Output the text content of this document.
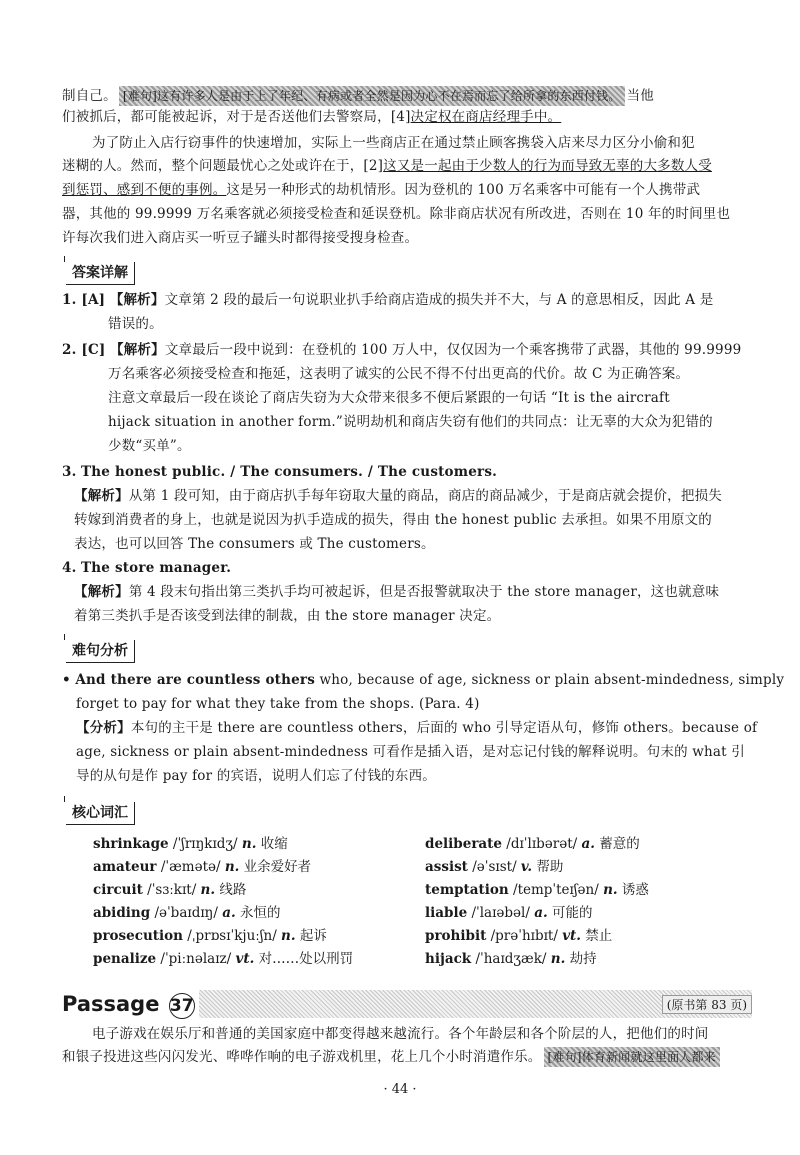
制自己。 [难句]这有许多人是由于上了年纪、有病或者全然是因为心不在焉而忘了给所拿的东西付钱。 当他
们被抓后，都可能被起诉，对于是否送他们去警察局，[4]决定权在商店经理手中。
为了防止入店行窃事件的快速增加，实际上一些商店正在通过禁止顾客携袋入店来尽力区分小偷和犯
迷糊的人。然而，整个问题最忧心之处或许在于，[2]这又是一起由于少数人的行为而导致无辜的大多数人受
到惩罚、感到不便的事例。这是另一种形式的劫机情形。因为登机的 100 万名乘客中可能有一个人携带武
器，其他的 99.9999 万名乘客就必须接受检查和延误登机。除非商店状况有所改进，否则在 10 年的时间里也
许每次我们进入商店买一听豆子罐头时都得接受搜身检查。
答案详解
1. [A] 【解析】文章第 2 段的最后一句说职业扒手给商店造成的损失并不大，与 A 的意思相反，因此 A 是
错误的。
2. [C] 【解析】文章最后一段中说到：在登机的 100 万人中，仅仅因为一个乘客携带了武器，其他的 99.9999
万名乘客必须接受检查和拖延，这表明了诚实的公民不得不付出更高的代价。故 C 为正确答案。
注意文章最后一段在谈论了商店失窃为大众带来很多不便后紧跟的一句话 “It is the aircraft
hijack situation in another form.”说明劫机和商店失窃有他们的共同点：让无辜的大众为犯错的
少数“买单”。
3. The honest public. / The consumers. / The customers.
【解析】从第 1 段可知，由于商店扒手每年窃取大量的商品，商店的商品减少，于是商店就会提价，把损失
转嫁到消费者的身上，也就是说因为扒手造成的损失，得由 the honest public 去承担。如果不用原文的
表达，也可以回答 The consumers 或 The customers。
4. The store manager.
【解析】第 4 段末句指出第三类扒手均可被起诉，但是否报警就取决于 the store manager，这也就意味
着第三类扒手是否该受到法律的制裁，由 the store manager 决定。
难句分析
• And there are countless others who, because of age, sickness or plain absent-mindedness, simply
forget to pay for what they take from the shops. (Para. 4)
【分析】本句的主干是 there are countless others，后面的 who 引导定语从句，修饰 others。because of
age, sickness or plain absent-mindedness 可看作是插入语，是对忘记付钱的解释说明。句末的 what 引
导的从句是作 pay for 的宾语，说明人们忘了付钱的东西。
核心词汇
shrinkage /ˈʃrɪŋkɪdʒ/ n. 收缩
amateur /ˈæmətə/ n. 业余爱好者
circuit /ˈsɜːkɪt/ n. 线路
abiding /əˈbaɪdɪŋ/ a. 永恒的
prosecution /ˌprɒsɪˈkjuːʃn/ n. 起诉
penalize /ˈpiːnəlaɪz/ vt. 对……处以刑罚
deliberate /dɪˈlɪbərət/ a. 蓄意的
assist /əˈsɪst/ v. 帮助
temptation /tempˈteɪʃən/ n. 诱惑
liable /ˈlaɪəbəl/ a. 可能的
prohibit /prəˈhɪbɪt/ vt. 禁止
hijack /ˈhaɪdʒæk/ n. 劫持
Passage 37	(原书第 83 页)
电子游戏在娱乐厅和普通的美国家庭中都变得越来越流行。各个年龄层和各个阶层的人，把他们的时间
和银子投进这些闪闪发光、哗哗作响的电子游戏机里，花上几个小时消遣作乐。 [难句]体育新闻就这里面人都来
· 44 ·
